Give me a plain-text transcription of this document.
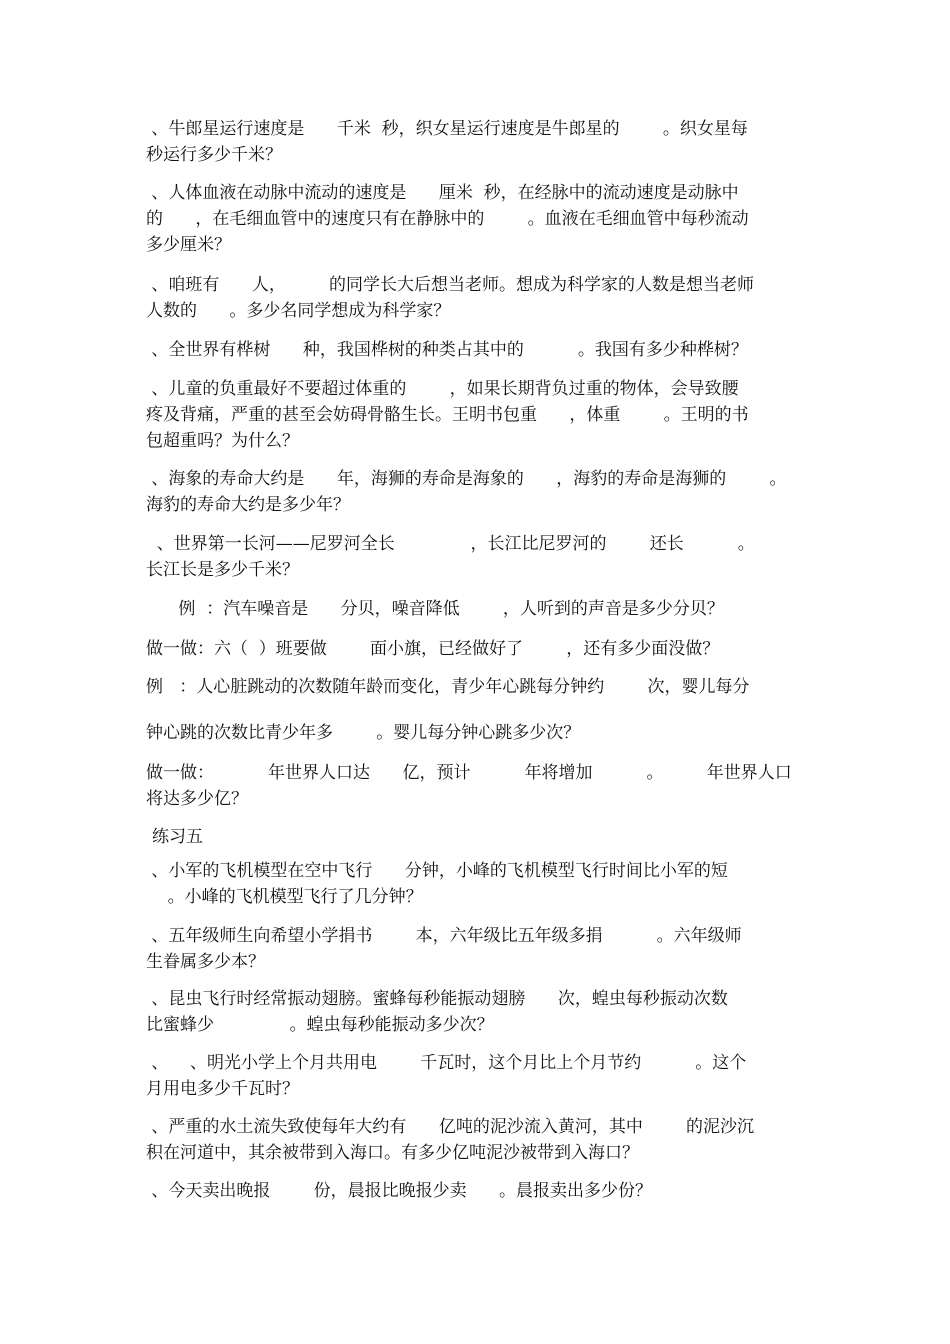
、牛郎星运行速度是      千米  秒，织女星运行速度是牛郎星的        。织女星每
秒运行多少千米？
、人体血液在动脉中流动的速度是      厘米  秒，在经脉中的流动速度是动脉中
的      ，在毛细血管中的速度只有在静脉中的        。血液在毛细血管中每秒流动
多少厘米？
、咱班有      人，        的同学长大后想当老师。想成为科学家的人数是想当老师
人数的      。多少名同学想成为科学家？
、全世界有桦树      种，我国桦树的种类占其中的          。我国有多少种桦树？
、儿童的负重最好不要超过体重的        ，如果长期背负过重的物体，会导致腰
疼及背痛，严重的甚至会妨碍骨骼生长。王明书包重      ，体重        。王明的书
包超重吗？为什么？
、海象的寿命大约是      年，海狮的寿命是海象的      ，海豹的寿命是海狮的        。
海豹的寿命大约是多少年？
、世界第一长河——尼罗河全长              ，长江比尼罗河的        还长          。
长江长是多少千米？
例  ：汽车噪音是      分贝，噪音降低        ，人听到的声音是多少分贝？
做一做：六（  ）班要做        面小旗，已经做好了        ，还有多少面没做？
例   ：人心脏跳动的次数随年龄而变化，青少年心跳每分钟约        次，婴儿每分
钟心跳的次数比青少年多        。婴儿每分钟心跳多少次？
做一做：          年世界人口达      亿，预计          年将增加          。        年世界人口
将达多少亿？
练习五
、小军的飞机模型在空中飞行      分钟，小峰的飞机模型飞行时间比小军的短
。小峰的飞机模型飞行了几分钟？
、五年级师生向希望小学捐书        本，六年级比五年级多捐          。六年级师
生眷属多少本？
、昆虫飞行时经常振动翅膀。蜜蜂每秒能振动翅膀      次，蝗虫每秒振动次数
比蜜蜂少              。蝗虫每秒能振动多少次？
、    、明光小学上个月共用电        千瓦时，这个月比上个月节约          。这个
月用电多少千瓦时？
、严重的水土流失致使每年大约有      亿吨的泥沙流入黄河，其中        的泥沙沉
积在河道中，其余被带到入海口。有多少亿吨泥沙被带到入海口？
、今天卖出晚报        份，晨报比晚报少卖      。晨报卖出多少份？
